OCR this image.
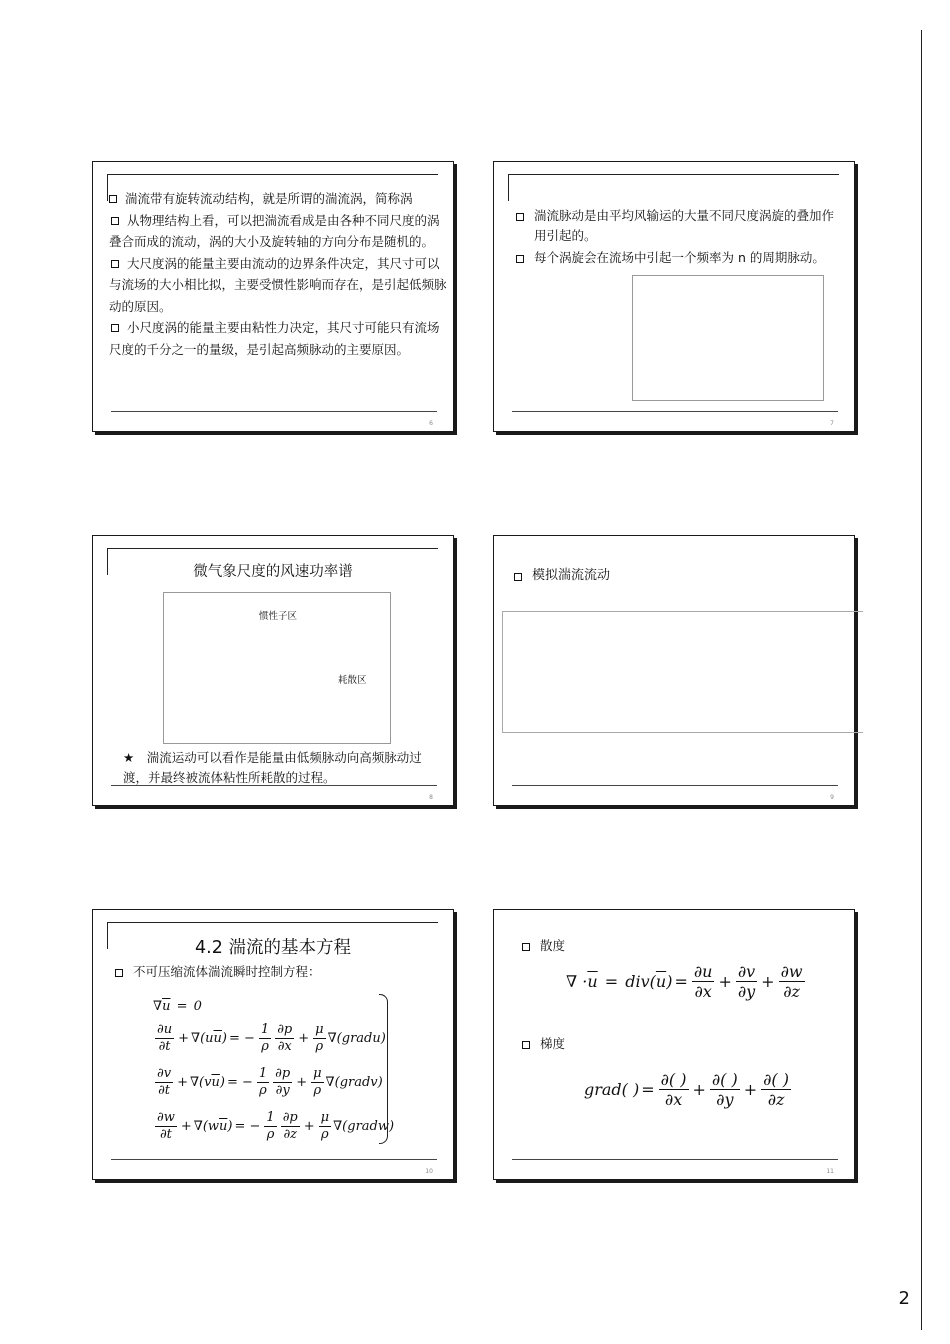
湍流带有旋转流动结构，就是所谓的湍流涡，简称涡
从物理结构上看，可以把湍流看成是由各种不同尺度的涡叠合而成的流动，涡的大小及旋转轴的方向分布是随机的。
大尺度涡的能量主要由流动的边界条件决定，其尺寸可以与流场的大小相比拟，主要受惯性影响而存在，是引起低频脉动的原因。
小尺度涡的能量主要由粘性力决定，其尺寸可能只有流场尺度的千分之一的量级，是引起高频脉动的主要原因。
6
湍流脉动是由平均风输运的大量不同尺度涡旋的叠加作用引起的。
每个涡旋会在流场中引起一个频率为 n 的周期脉动。
7
微气象尺度的风速功率谱
惯性子区
耗散区
★　湍流运动可以看作是能量由低频脉动向高频脉动过渡，并最终被流体粘性所耗散的过程。
8
模拟湍流流动
9
4.2 湍流的基本方程
不可压缩流体湍流瞬时控制方程：
∇ $\overline{u}$
= 0
$\frac{\partial u}{\partial t} + \nabla(u$ $\overline{u}$ ) = − $\frac{1}{\rho} \frac{\partial p}{\partial x} + \frac{\mu}{\rho}$ ∇(gradu)
$\frac{\partial v}{\partial t} + \nabla(v$ $\overline{u}$ ) = − $\frac{1}{\rho} \frac{\partial p}{\partial y} + \frac{\mu}{\rho}$ ∇(gradv)
$\frac{\partial w}{\partial t} + \nabla(w$ $\overline{u}$ ) = − $\frac{1}{\rho} \frac{\partial p}{\partial z} + \frac{\mu}{\rho}$ ∇(gradw)
10
散度
∇ · $\overline{u}$
= div( $\overline{u}$ ) = $\frac{\partial u}{\partial x} + \frac{\partial v}{\partial y} + \frac{\partial w}{\partial z}$
梯度
grad( ) = $\frac{\partial( )}{\partial x} + \frac{\partial( )}{\partial y} + \frac{\partial( )}{\partial z}$
11
2
